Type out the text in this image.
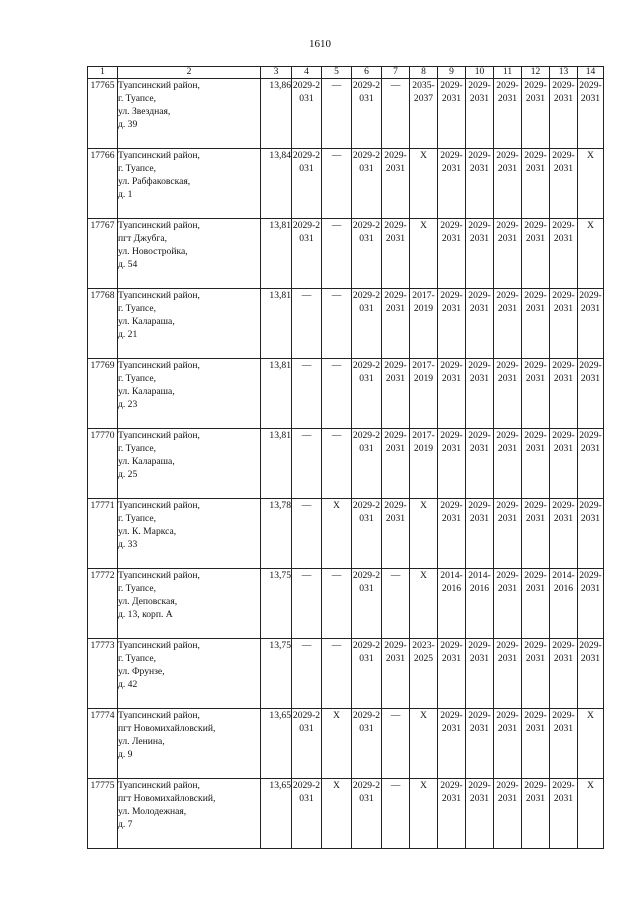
1610
1	2	3	4	5	6	7	8	9	10	11	12	13	14
17765	Туапсинский район,
г. Туапсе,
ул. Звездная,
д. 39	13,86	2029-2031	—	2029-2031	—	2035-2037	2029-2031	2029-2031	2029-2031	2029-2031	2029-2031	2029-2031
17766	Туапсинский район,
г. Туапсе,
ул. Рабфаковская,
д. 1	13,84	2029-2031	—	2029-2031	2029-2031	X	2029-2031	2029-2031	2029-2031	2029-2031	2029-2031	X
17767	Туапсинский район,
пгт Джубга,
ул. Новостройка,
д. 54	13,81	2029-2031	—	2029-2031	2029-2031	X	2029-2031	2029-2031	2029-2031	2029-2031	2029-2031	X
17768	Туапсинский район,
г. Туапсе,
ул. Калараша,
д. 21	13,81	—	—	2029-2031	2029-2031	2017-2019	2029-2031	2029-2031	2029-2031	2029-2031	2029-2031	2029-2031
17769	Туапсинский район,
г. Туапсе,
ул. Калараша,
д. 23	13,81	—	—	2029-2031	2029-2031	2017-2019	2029-2031	2029-2031	2029-2031	2029-2031	2029-2031	2029-2031
17770	Туапсинский район,
г. Туапсе,
ул. Калараша,
д. 25	13,81	—	—	2029-2031	2029-2031	2017-2019	2029-2031	2029-2031	2029-2031	2029-2031	2029-2031	2029-2031
17771	Туапсинский район,
г. Туапсе,
ул. К. Маркса,
д. 33	13,78	—	X	2029-2031	2029-2031	X	2029-2031	2029-2031	2029-2031	2029-2031	2029-2031	2029-2031
17772	Туапсинский район,
г. Туапсе,
ул. Деповская,
д. 13, корп. А	13,75	—	—	2029-2031	—	X	2014-2016	2014-2016	2029-2031	2029-2031	2014-2016	2029-2031
17773	Туапсинский район,
г. Туапсе,
ул. Фрунзе,
д. 42	13,75	—	—	2029-2031	2029-2031	2023-2025	2029-2031	2029-2031	2029-2031	2029-2031	2029-2031	2029-2031
17774	Туапсинский район,
пгт Новомихайловский,
ул. Ленина,
д. 9	13,65	2029-2031	X	2029-2031	—	X	2029-2031	2029-2031	2029-2031	2029-2031	2029-2031	X
17775	Туапсинский район,
пгт Новомихайловский,
ул. Молодежная,
д. 7	13,65	2029-2031	X	2029-2031	—	X	2029-2031	2029-2031	2029-2031	2029-2031	2029-2031	X
